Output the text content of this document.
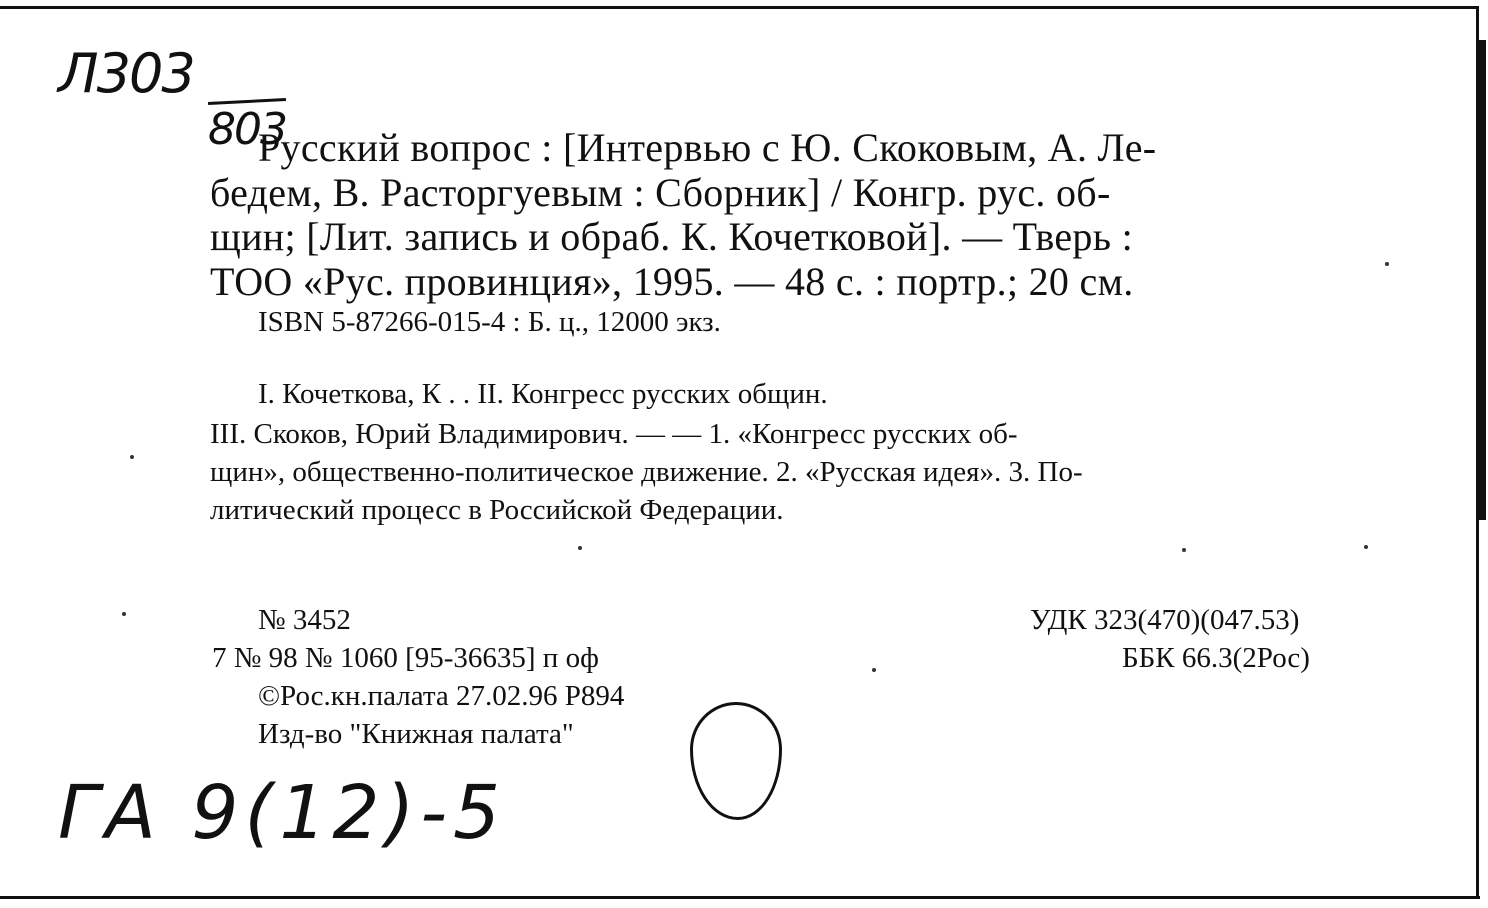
Л303
803
Русский вопрос : [Интервью с Ю. Скоковым, А. Ле-
бедем, В. Расторгуевым : Сборник] / Конгр. рус. об-
щин; [Лит. запись и обраб. К. Кочетковой]. — Тверь :
ТОО «Рус. провинция», 1995. — 48 с. : портр.; 20 см.
ISBN 5-87266-015-4 : Б. ц., 12000 экз.
I. Кочеткова, К . . II. Конгресс русских общин.
III. Скоков, Юрий Владимирович. — — 1. «Конгресс русских об-
щин», общественно-политическое движение. 2. «Русская идея». 3. По-
литический процесс в Российской Федерации.
№ 3452
7 № 98 № 1060 [95-36635] п оф
©Рос.кн.палата 27.02.96 Р894
Изд-во "Книжная палата"
УДК 323(470)(047.53)
ББК 66.3(2Рос)
ГА 9(12)-5
